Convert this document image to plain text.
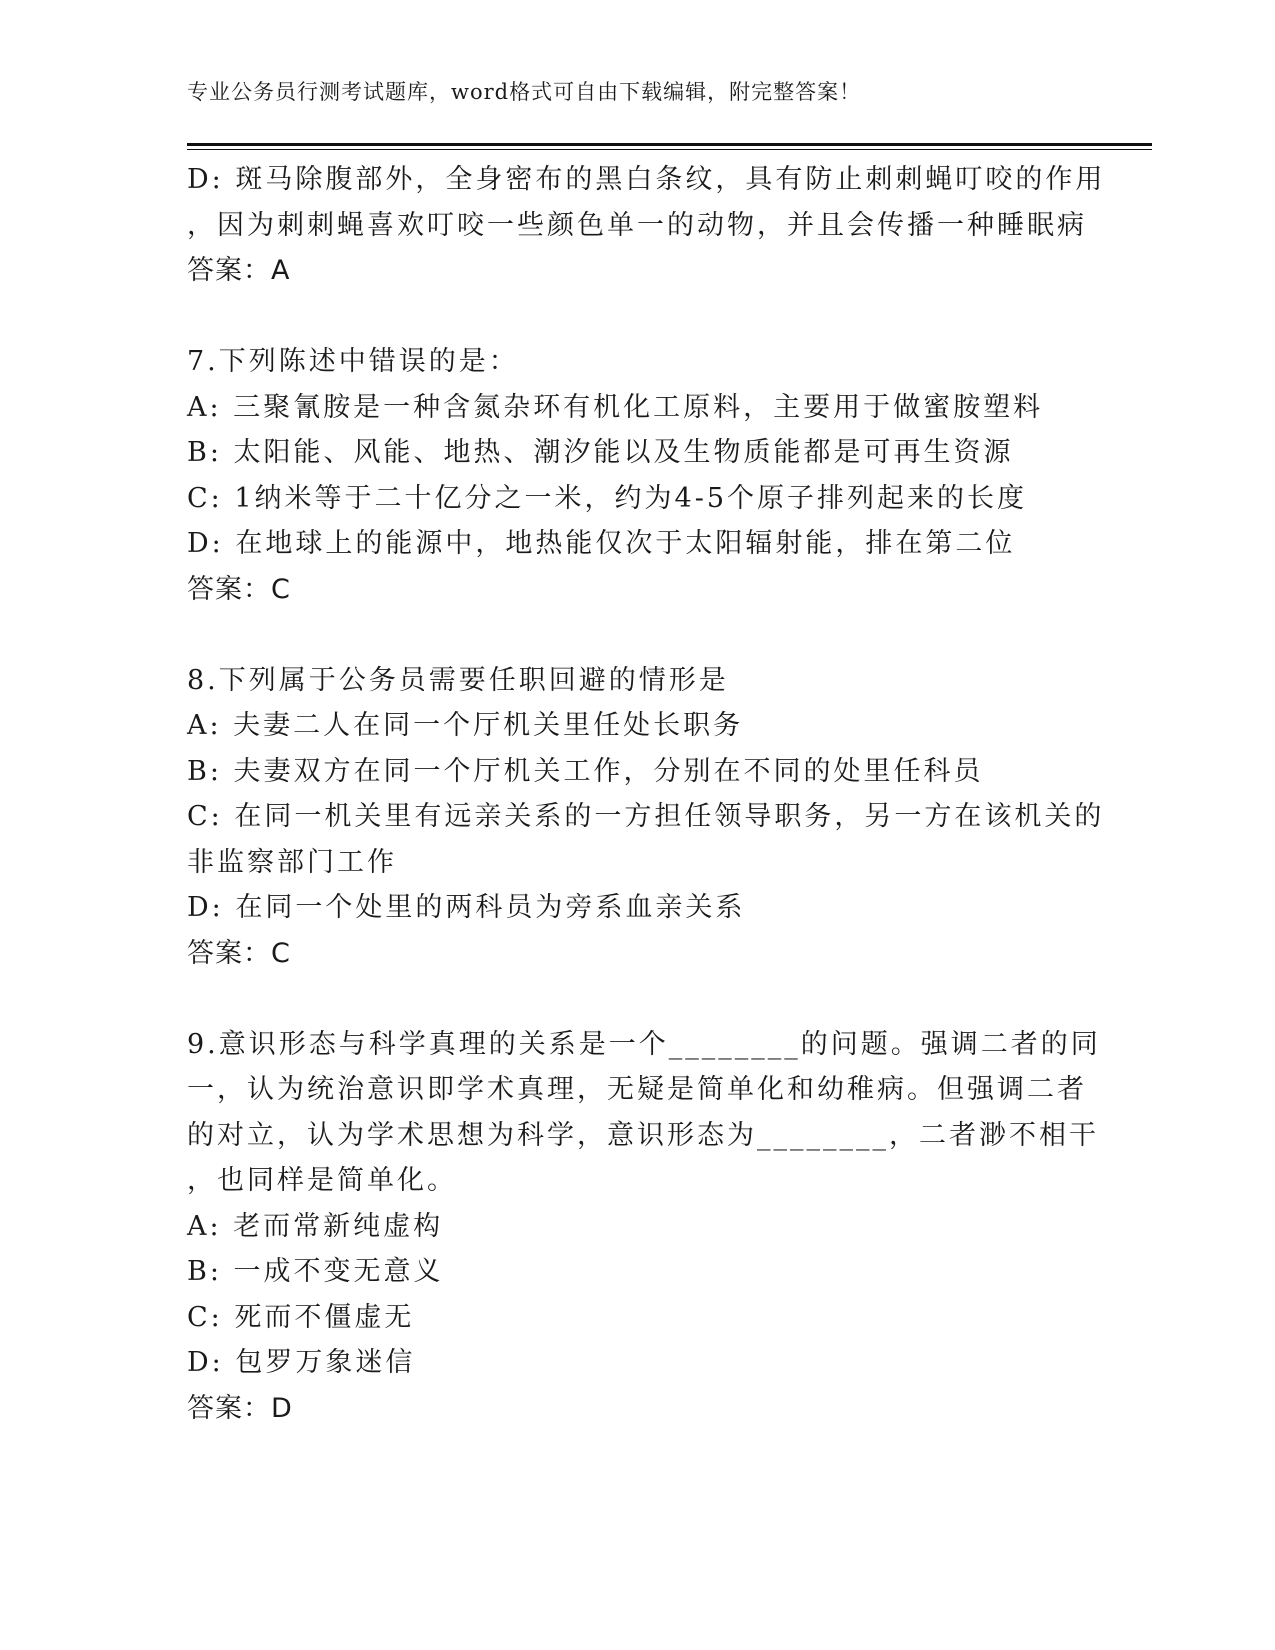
专业公务员行测考试题库，word格式可自由下载编辑，附完整答案！
D: 斑马除腹部外，全身密布的黑白条纹，具有防止刺刺蝇叮咬的作用
，因为刺刺蝇喜欢叮咬一些颜色单一的动物，并且会传播一种睡眠病
答案：A
7.下列陈述中错误的是：
A: 三聚氰胺是一种含氮杂环有机化工原料，主要用于做蜜胺塑料
B: 太阳能、风能、地热、潮汐能以及生物质能都是可再生资源
C: 1纳米等于二十亿分之一米，约为4-5个原子排列起来的长度
D: 在地球上的能源中，地热能仅次于太阳辐射能，排在第二位
答案：C
8.下列属于公务员需要任职回避的情形是
A: 夫妻二人在同一个厅机关里任处长职务
B: 夫妻双方在同一个厅机关工作，分别在不同的处里任科员
C: 在同一机关里有远亲关系的一方担任领导职务，另一方在该机关的
非监察部门工作
D: 在同一个处里的两科员为旁系血亲关系
答案：C
9.意识形态与科学真理的关系是一个________的问题。强调二者的同
一，认为统治意识即学术真理，无疑是简单化和幼稚病。但强调二者
的对立，认为学术思想为科学，意识形态为________，二者渺不相干
，也同样是简单化。
A: 老而常新纯虚构
B: 一成不变无意义
C: 死而不僵虚无
D: 包罗万象迷信
答案：D
